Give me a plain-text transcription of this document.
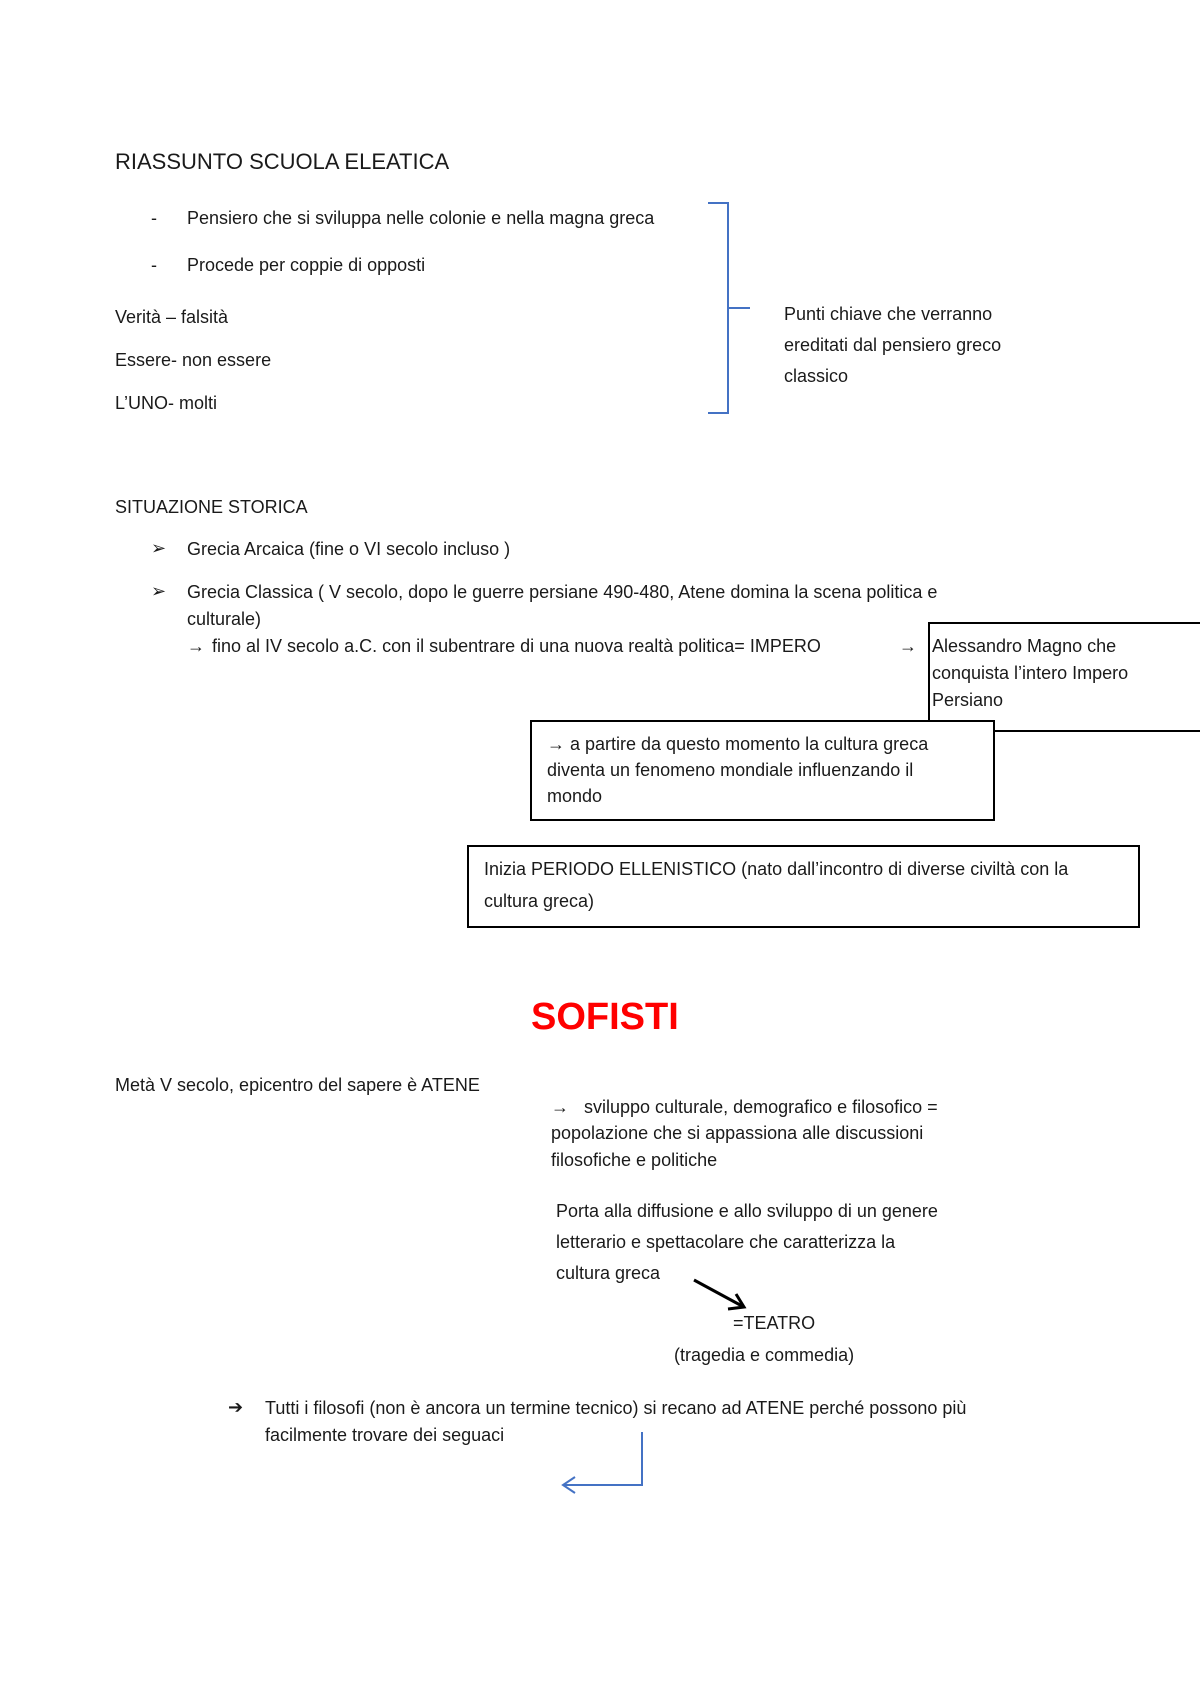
RIASSUNTO SCUOLA ELEATICA
- Pensiero che si sviluppa nelle colonie e nella magna greca
- Procede per coppie di opposti
Verità – falsità
Essere- non essere
L’UNO- molti
Punti chiave che verranno
ereditati dal pensiero greco
classico
SITUAZIONE STORICA
➢ Grecia Arcaica (fine o VI secolo incluso )
➢ Grecia Classica ( V secolo, dopo le guerre persiane 490-480, Atene domina la scena politica e
culturale)
→ fino al IV secolo a.C. con il subentrare di una nuova realtà politica= IMPERO	→ Alessandro Magno che
conquista l’intero Impero
Persiano
→ a partire da questo momento la cultura greca
diventa un fenomeno mondiale influenzando il
mondo
Inizia PERIODO ELLENISTICO (nato dall’incontro di diverse civiltà con la
cultura greca)
SOFISTI
Metà V secolo, epicentro del sapere è ATENE
→ sviluppo culturale, demografico e filosofico =
popolazione che si appassiona alle discussioni
filosofiche e politiche
Porta alla diffusione e allo sviluppo di un genere
letterario e spettacolare che caratterizza la
cultura greca
=TEATRO
(tragedia e commedia)
➔ Tutti i filosofi (non è ancora un termine tecnico) si recano ad ATENE perché possono più
facilmente trovare dei seguaci
